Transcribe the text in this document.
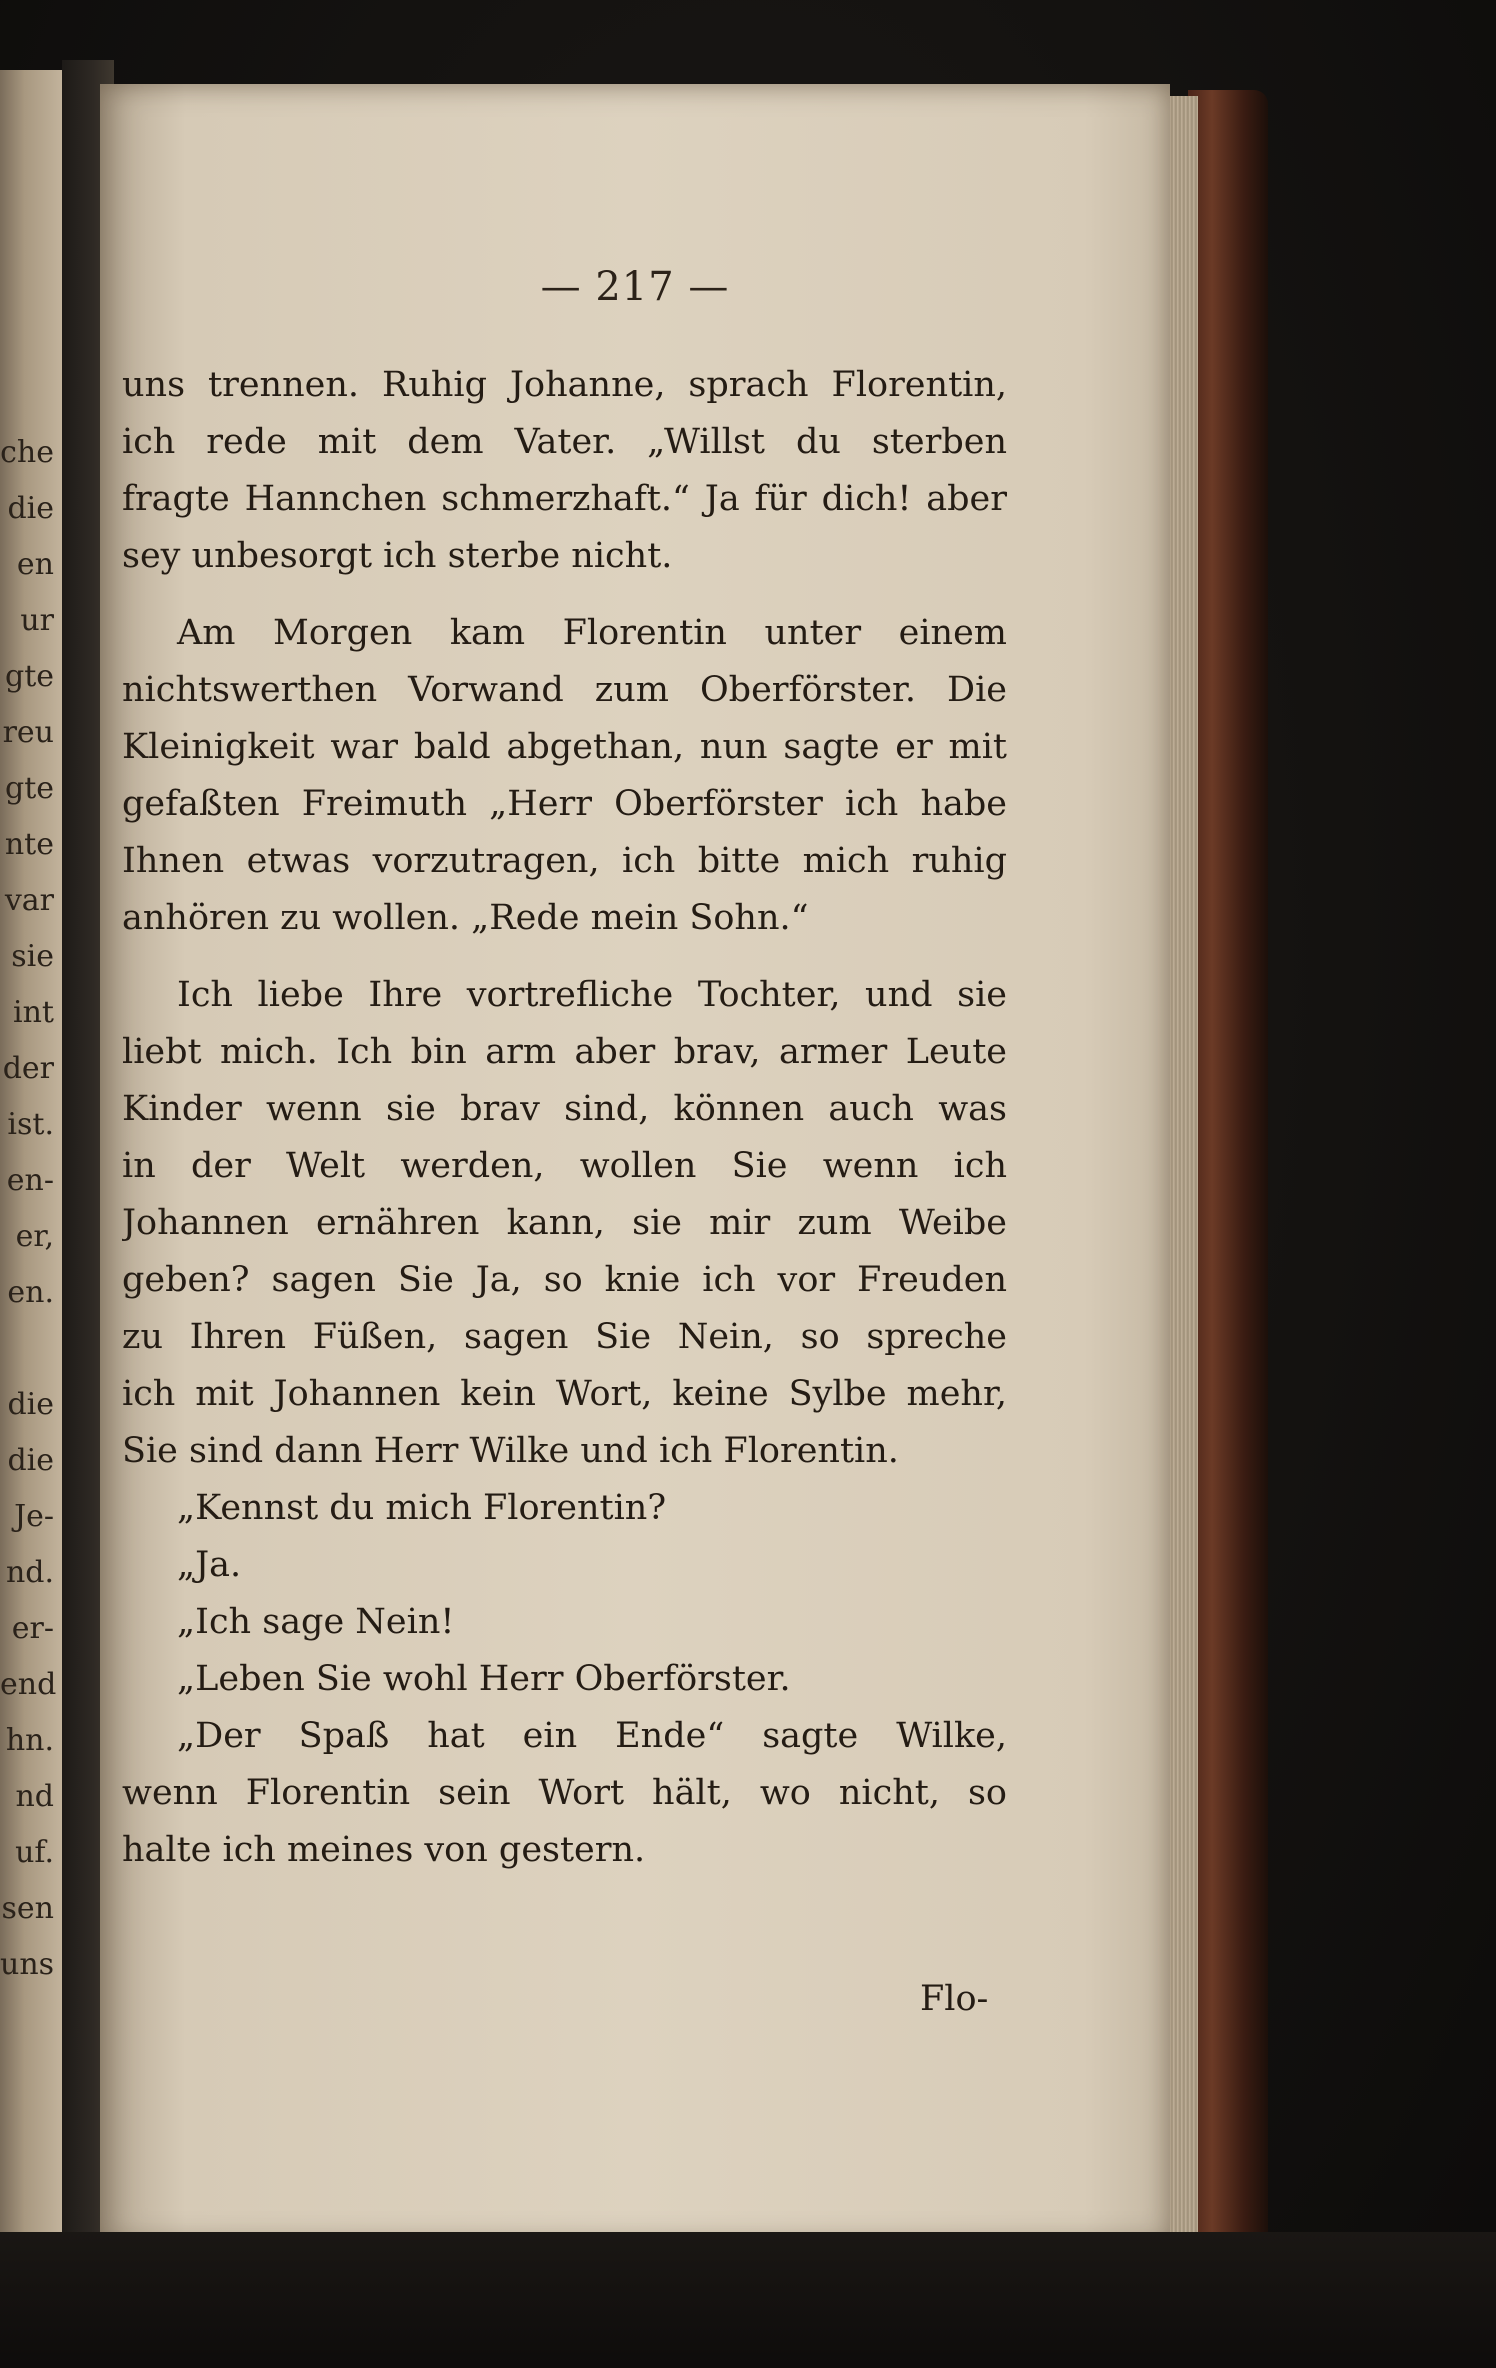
che
die
en
ur
gte
reu
gte
nte
var
sie
int
der
ist.
en-
er,
en.
die
die
Je-
nd.
er-
end
hn.
nd
uf.
sen
uns
— 217 —
uns trennen. Ruhig Johanne, sprach Florentin,
ich rede mit dem Vater. „Willst du sterben
fragte Hannchen schmerzhaft.“ Ja für dich! aber
sey unbesorgt ich sterbe nicht.
Am Morgen kam Florentin unter einem
nichtswerthen Vorwand zum Oberförster. Die
Kleinigkeit war bald abgethan, nun sagte er mit
gefaßten Freimuth „Herr Oberförster ich habe
Ihnen etwas vorzutragen, ich bitte mich ruhig
anhören zu wollen. „Rede mein Sohn.“
Ich liebe Ihre vortrefliche Tochter, und sie
liebt mich. Ich bin arm aber brav, armer Leute
Kinder wenn sie brav sind, können auch was
in der Welt werden, wollen Sie wenn ich
Johannen ernähren kann, sie mir zum Weibe
geben? sagen Sie Ja, so knie ich vor Freuden
zu Ihren Füßen, sagen Sie Nein, so spreche
ich mit Johannen kein Wort, keine Sylbe mehr,
Sie sind dann Herr Wilke und ich Florentin.
„Kennst du mich Florentin?
„Ja.
„Ich sage Nein!
„Leben Sie wohl Herr Oberförster.
„Der Spaß hat ein Ende“ sagte Wilke,
wenn Florentin sein Wort hält, wo nicht, so
halte ich meines von gestern.
Flo-
